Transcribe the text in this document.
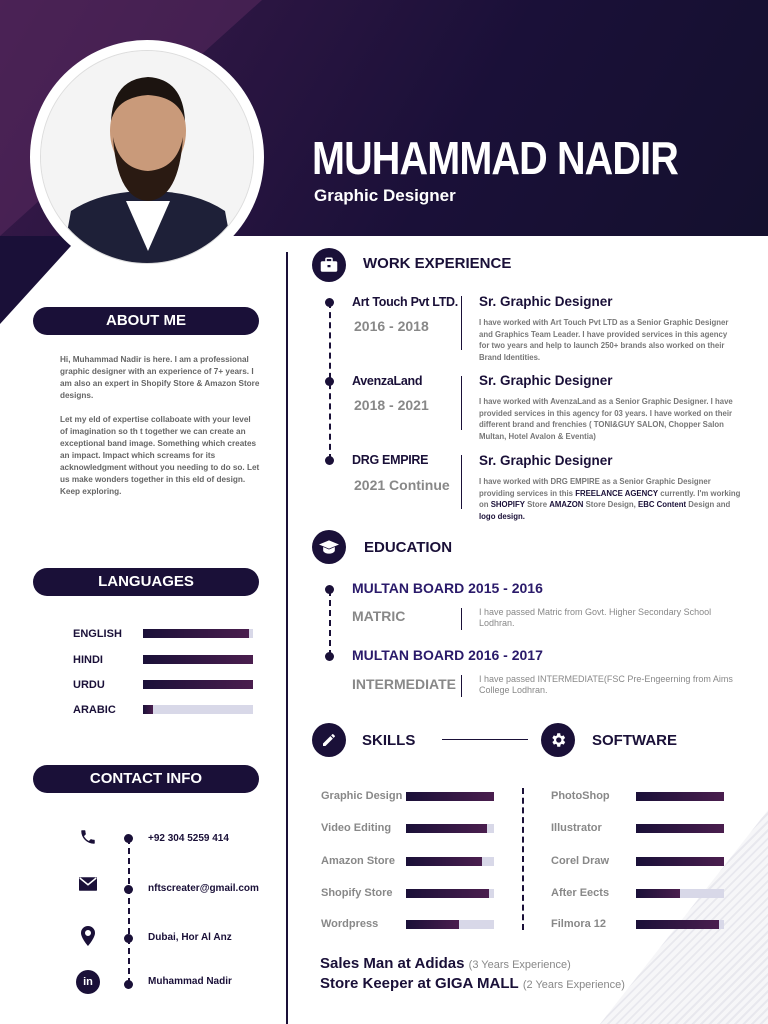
MUHAMMAD NADIR
Graphic Designer
ABOUT ME

Hi, Muhammad Nadir is here. I am a professional graphic designer with an experience of 7+ years. I am also an expert in Shopify Store & Amazon Store designs.

Let my eld of expertise collaboate with your level of imagination so th t together we can create an exceptional band image. Something which creates an impact. Impact which screams for its acknowledgment without you needing to do so. Let us make wonders together in this eld of design. Keep exploring.

LANGUAGES
ENGLISH
HINDI
URDU
ARABIC
CONTACT INFO
+92 304 5259 414
nftscreater@gmail.com
Dubai, Hor Al Anz
in	Muhammad Nadir
WORK EXPERIENCE
Art Touch Pvt LTD.
2016 - 2018
Sr. Graphic Designer
I have worked with Art Touch Pvt LTD as a Senior Graphic Designer and Graphics Team Leader. I have provided services in this agency for two years and help to launch 250+ brands also worked on their Brand Identities.
AvenzaLand
2018 - 2021
Sr. Graphic Designer
I have worked with AvenzaLand as a Senior Graphic Designer. I have provided services in this agency for 03 years. I have worked on their different brand and frenchies ( TONI&GUY SALON, Chopper Salon Multan, Hotel Avalon & Eventia)
DRG EMPIRE
2021 Continue
Sr. Graphic Designer
I have worked with DRG EMPIRE as a Senior Graphic Designer providing services in this FREELANCE AGENCY currently. I'm working on SHOPIFY Store AMAZON Store Design, EBC Content Design and logo design.
EDUCATION
MULTAN BOARD 2015 - 2016
MATRIC	I have passed Matric from Govt. Higher Secondary School Lodhran.
MULTAN BOARD 2016 - 2017
INTERMEDIATE	I have passed INTERMEDIATE(FSC Pre-Engeerning from Aims College Lodhran.
SKILLS	SOFTWARE
Graphic Design
Video Editing
Amazon Store
Shopify Store
Wordpress
PhotoShop
Illustrator
Corel Draw
After Eects
Filmora 12
Sales Man at Adidas (3 Years Experience)
Store Keeper at GIGA MALL (2 Years Experience)
